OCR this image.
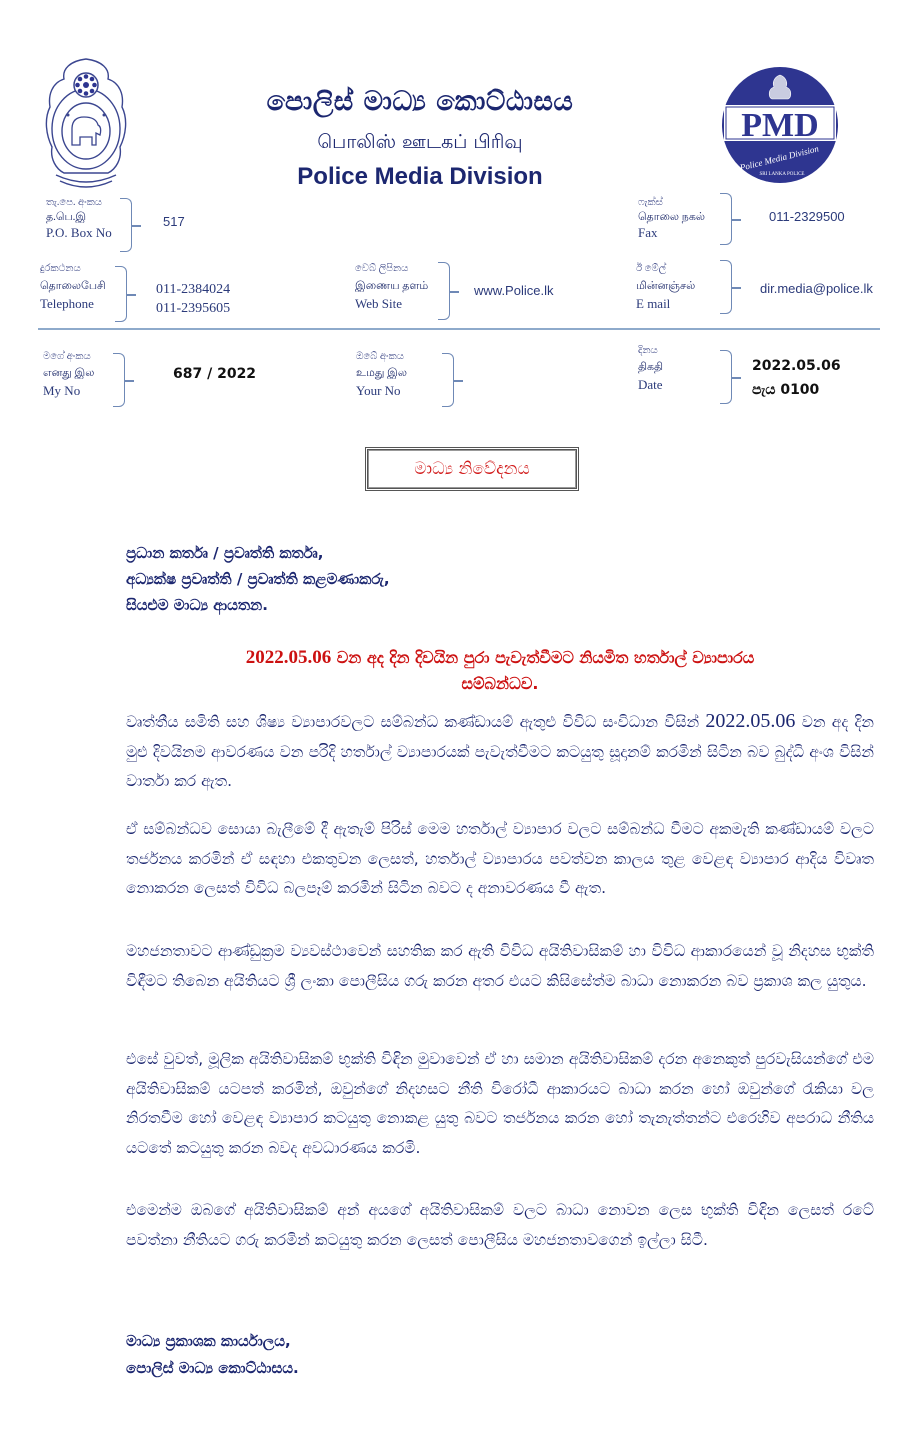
පොලිස් මාධ්‍ය කොට්ඨාසය
பொலிஸ் ஊடகப் பிரிவு
Police Media Division
PMD
Police Media Division
SRI LANKA POLICE
තැ.පෙ. අංකය
த.பெ.இ
P.O. Box No
517
ෆැක්ස්
தொலை நகல்
Fax
011-2329500
දුරකථනය
தொலைபேசி
Telephone
011-2384024
011-2395605
වෙබ් ලිපිනය
இணைய தளம்
Web Site
www.Police.lk
ඊ මේල්
மின்னஞ்சல்
E mail
dir.media@police.lk
මගේ අංකය
எனது இல
My No
687 / 2022
ඔබේ අංකය
உமது இல
Your No
දිනය
திகதி
Date
2022.05.06
පැය 0100
මාධ්‍ය නිවේදනය
ප්‍රධාන කර්තෘ / ප්‍රවෘත්ති කර්තෘ,
අධ්‍යක්ෂ ප්‍රවෘත්ති / ප්‍රවෘත්ති කළමණාකරු,
සියළුම මාධ්‍ය ආයතන.
2022.05.06 වන අද දින දිවයින පුරා පැවැත්වීමට නියමිත හර්තාල් ව්‍යාපාරය
සම්බන්ධව.
වෘත්තීය සමිති සහ ශිෂ්‍ය ව්‍යාපාරවලට සම්බන්ධ කණ්ඩායම් ඇතුළු විවිධ සංවිධාන විසින් 2022.05.06 වන අද දින මුළු දිවයිනම ආවරණය වන පරිදි හර්තාල් ව්‍යාපාරයක් පැවැත්වීමට කටයුතු සූදානම් කරමින් සිටින බව බුද්ධි අංශ විසින් වාර්තා කර ඇත.
ඒ සම්බන්ධව සොයා බැලීමේ දී ඇතැම් පිරිස් මෙම හර්තාල් ව්‍යාපාර වලට සම්බන්ධ වීමට අකමැති කණ්ඩායම් වලට තර්ජනය කරමින් ඒ සඳහා එකතුවන ලෙසත්, හර්තාල් ව්‍යාපාරය පවත්වන කාලය තුළ වෙළඳ ව්‍යාපාර ආදිය විවෘත නොකරන ලෙසත් විවිධ බලපෑම් කරමින් සිටින බවට ද අනාවරණය වී ඇත.
මහජනතාවට ආණ්ඩුක්‍රම ව්‍යවස්ථාවෙන් සහතික කර ඇති විවිධ අයිතිවාසිකම් හා විවිධ ආකාරයෙන් වූ නිදහස භුක්ති විඳීමට තිබෙන අයිතියට ශ්‍රී ලංකා පොලීසිය ගරු කරන අතර එයට කිසිසේත්ම බාධා නොකරන බව ප්‍රකාශ කල යුතුය.
එසේ වුවත්, මූලික අයිතිවාසිකම් භුක්ති විඳින මුවාවෙන් ඒ හා සමාන අයිතිවාසිකම් දරන අනෙකුත් පුරවැසියන්ගේ එම අයිතිවාසිකම් යටපත් කරමින්, ඔවුන්ගේ නිදහසට නීති විරෝධී ආකාරයට බාධා කරන හෝ ඔවුන්ගේ රැකියා වල නිරතවීම හෝ වෙළඳ ව්‍යාපාර කටයුතු නොකළ යුතු බවට තර්ජනය කරන හෝ තැනැත්තන්ට එරෙහිව අපරාධ නීතිය යටතේ කටයුතු කරන බවද අවධාරණය කරමි.
එමෙන්ම ඔබගේ අයිතිවාසිකම් අන් අයගේ අයිතිවාසිකම් වලට බාධා නොවන ලෙස භුක්ති විඳින ලෙසත් රටේ පවත්නා නීතියට ගරු කරමින් කටයුතු කරන ලෙසත් පොලීසිය මහජනතාවගෙන් ඉල්ලා සිටී.
මාධ්‍ය ප්‍රකාශක කාර්යාලය,
පොලිස් මාධ්‍ය කොට්ඨාසය.
